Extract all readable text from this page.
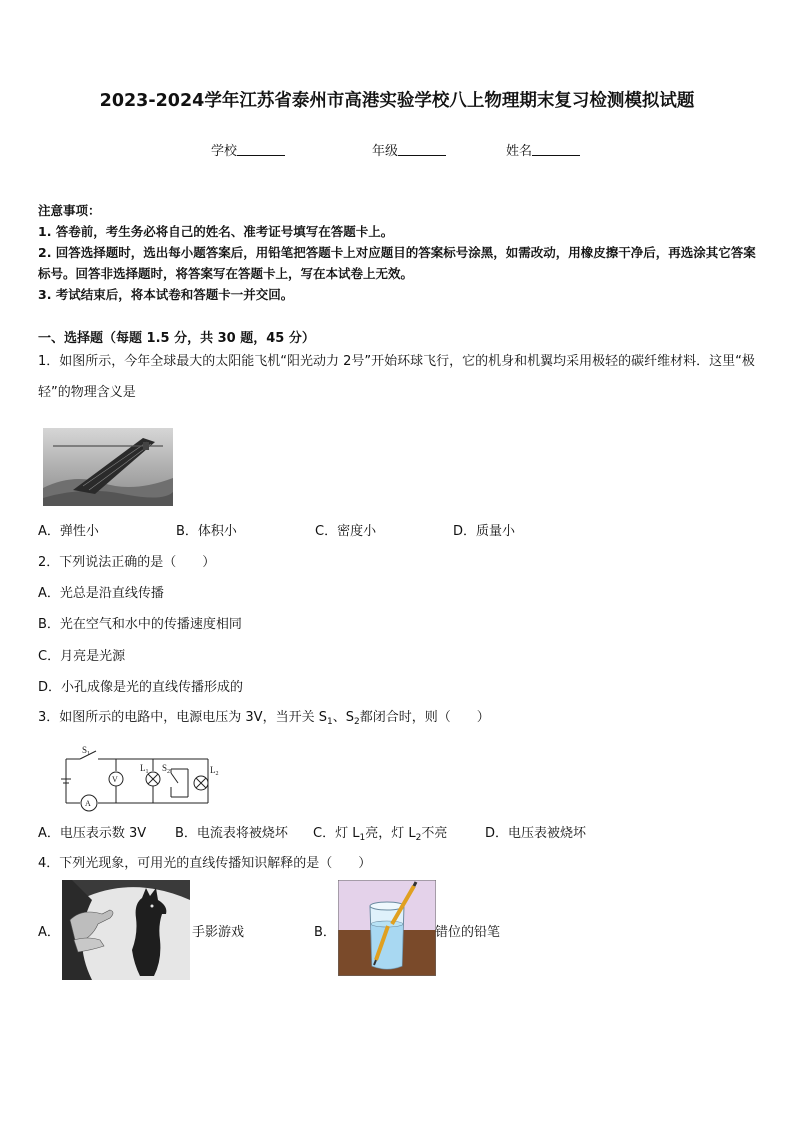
2023-2024学年江苏省泰州市高港实验学校八上物理期末复习检测模拟试题
学校	年级	姓名
注意事项：
1. 答卷前，考生务必将自己的姓名、准考证号填写在答题卡上。
2. 回答选择题时，选出每小题答案后，用铅笔把答题卡上对应题目的答案标号涂黑，如需改动，用橡皮擦干净后，再选涂其它答案标号。回答非选择题时，将答案写在答题卡上，写在本试卷上无效。
3. 考试结束后，将本试卷和答题卡一并交回。
一、选择题（每题 1.5 分，共 30 题，45 分）
1．如图所示，今年全球最大的太阳能飞机“阳光动力 2号”开始环球飞行，它的机身和机翼均采用极轻的碳纤维材料．这里“极轻”的物理含义是
A．弹性小	B．体积小	C．密度小	D．质量小
2．下列说法正确的是（　　）
A．光总是沿直线传播
B．光在空气和水中的传播速度相同
C．月亮是光源
D．小孔成像是光的直线传播形成的
3．如图所示的电路中，电源电压为 3V，当开关 $S_1$、$S_2$都闭合时，则（　　）
$S_1$
V
$L_1$ $S_2$	$L_2$
A
A．电压表示数 3V B．电流表将被烧坏 C．灯 $L_1$亮，灯 $L_2$不亮	D．电压表被烧坏
4．下列光现象，可用光的直线传播知识解释的是（　　）
A．	手影游戏	B．	错位的铅笔
